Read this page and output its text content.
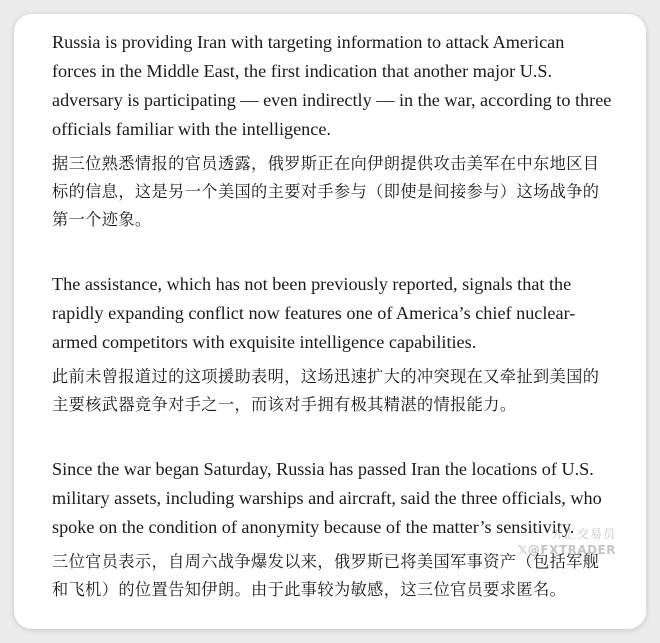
Russia is providing Iran with targeting information to attack American forces in the Middle East, the first indication that another major U.S. adversary is participating — even indirectly — in the war, according to three officials familiar with the intelligence.

据三位熟悉情报的官员透露，俄罗斯正在向伊朗提供攻击美军在中东地区目标的信息，这是另一个美国的主要对手参与（即使是间接参与）这场战争的第一个迹象。

The assistance, which has not been previously reported, signals that the rapidly expanding conflict now features one of America’s chief nuclear-armed competitors with exquisite intelligence capabilities.

此前未曾报道过的这项援助表明，这场迅速扩大的冲突现在又牵扯到美国的主要核武器竞争对手之一，而该对手拥有极其精湛的情报能力。

Since the war began Saturday, Russia has passed Iran the locations of U.S. military assets, including warships and aircraft, said the three officials, who spoke on the condition of anonymity because of the matter’s sensitivity.

三位官员表示，自周六战争爆发以来，俄罗斯已将美国军事资产（包括军舰和飞机）的位置告知伊朗。由于此事较为敏感，这三位官员要求匿名。

外汇交易员
𝕏@FXTRADER
